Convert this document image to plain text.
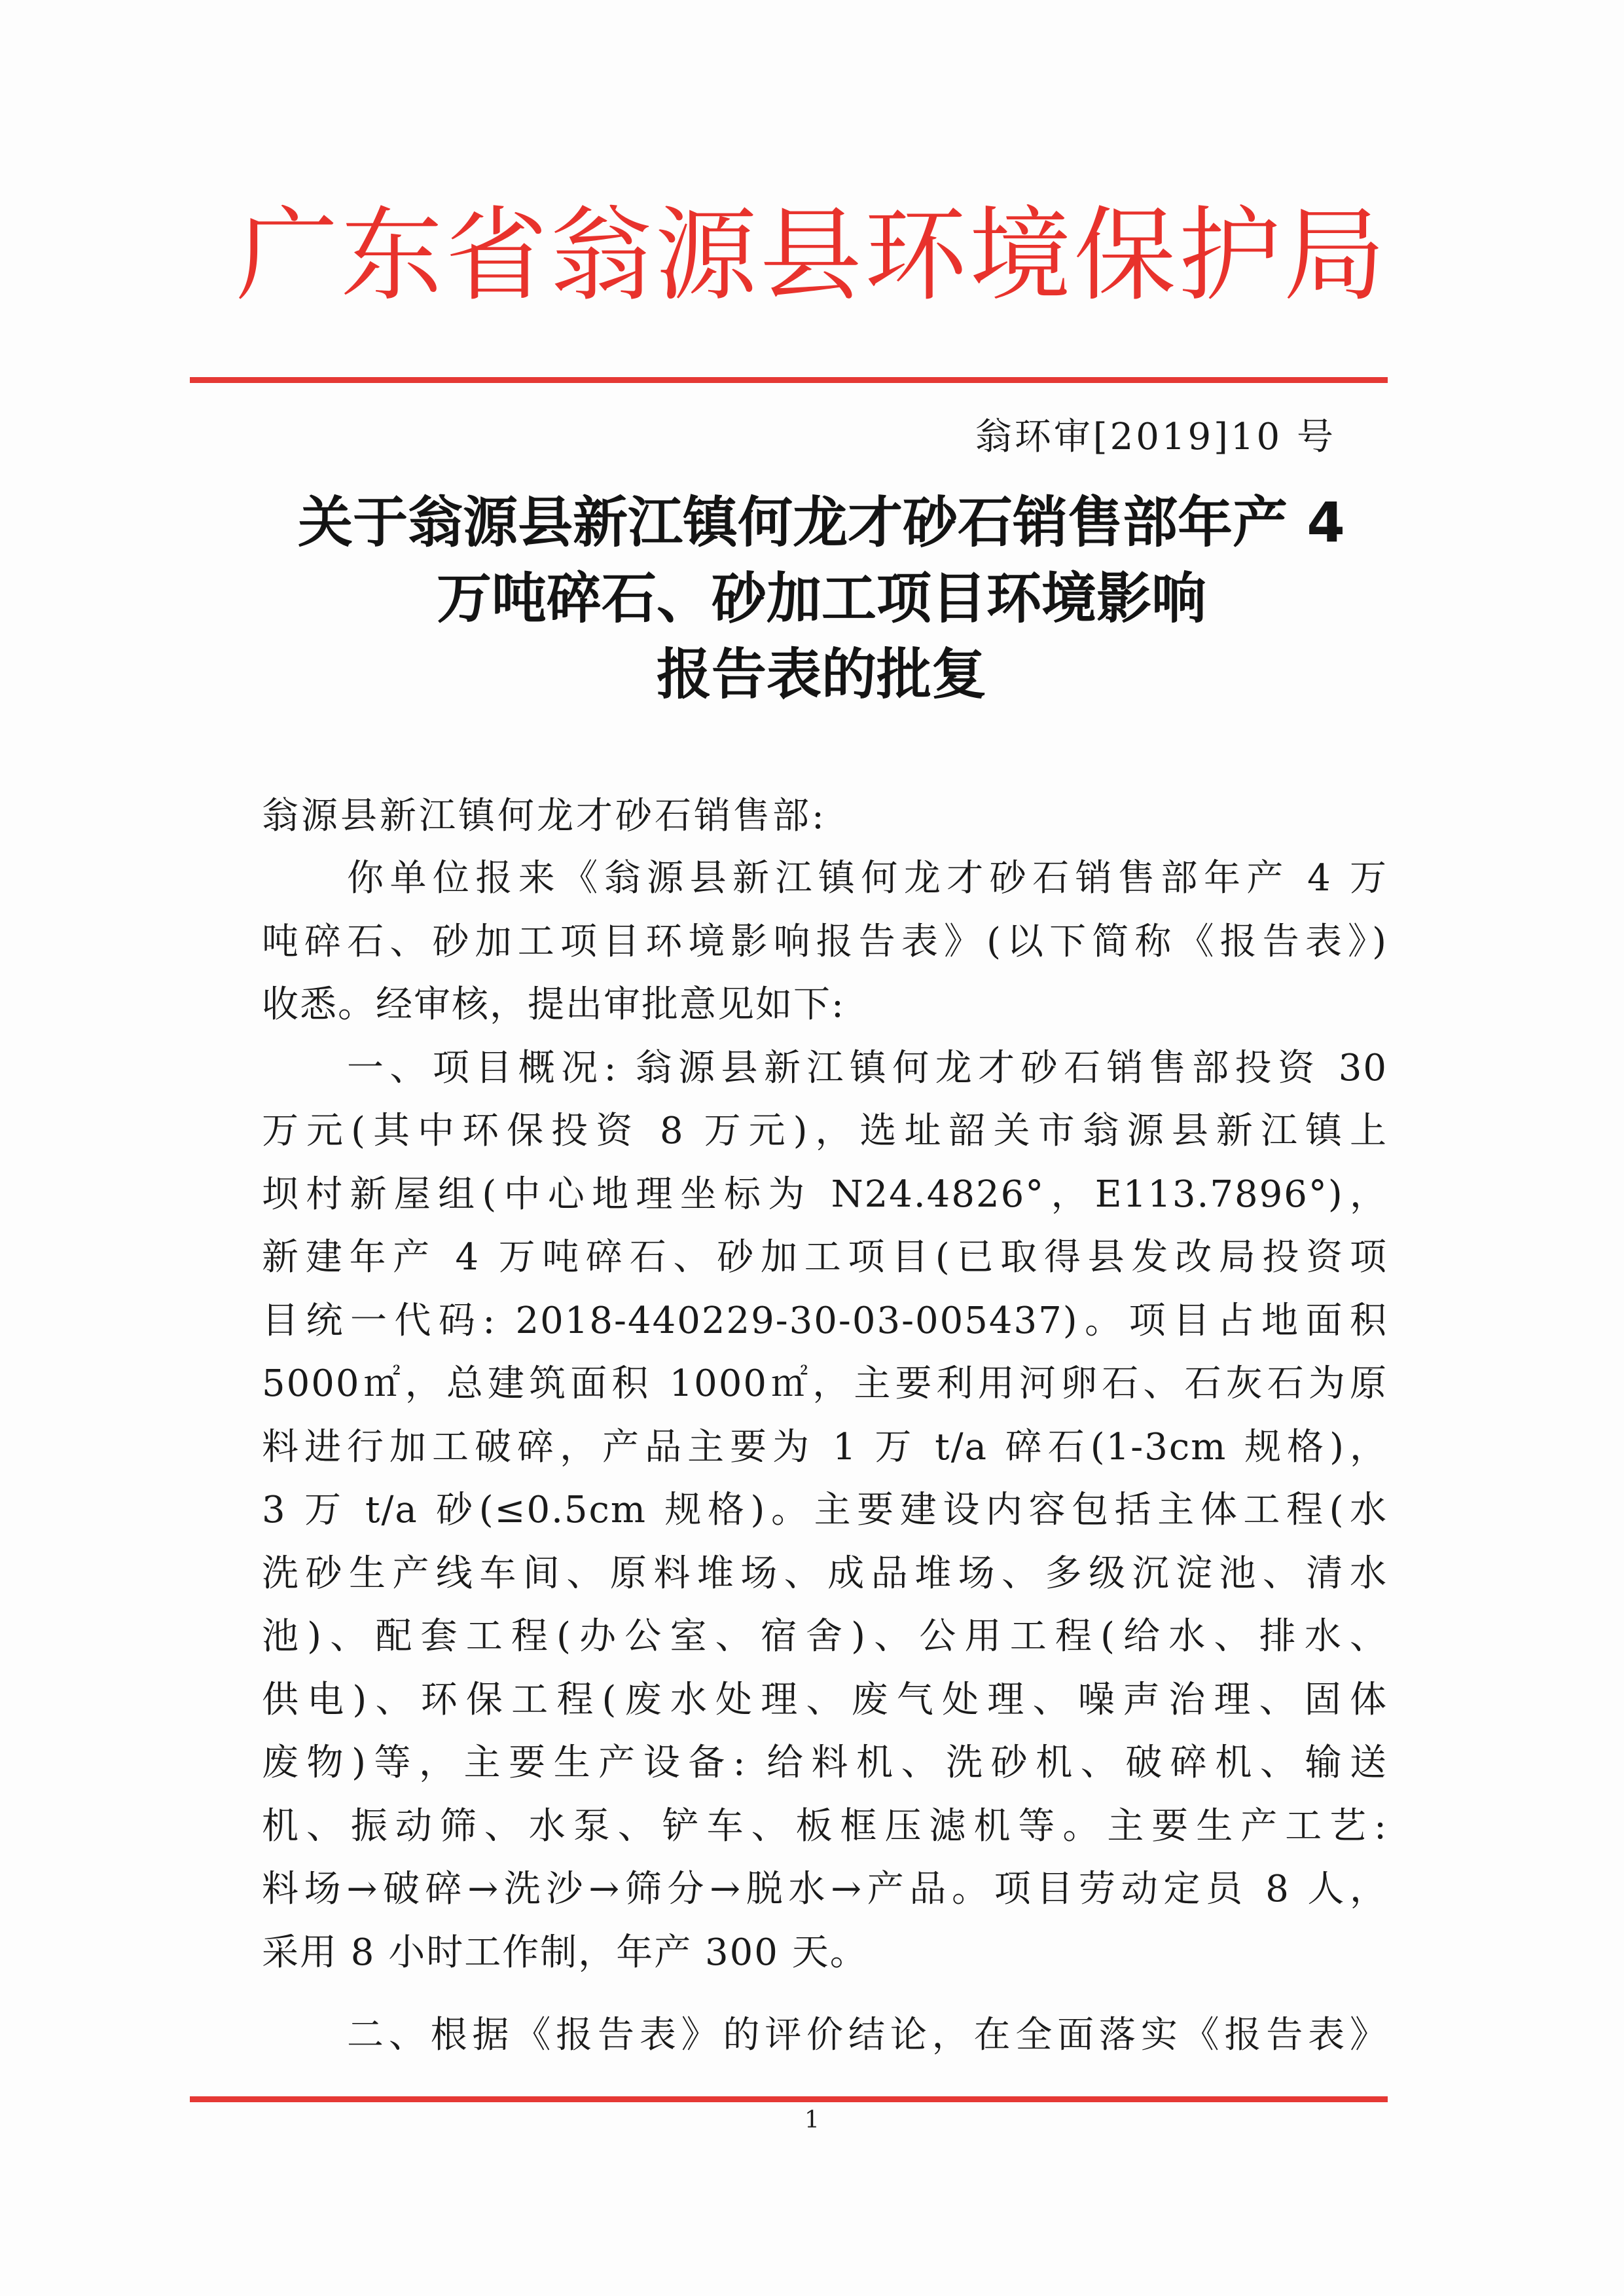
广东省翁源县环境保护局
翁环审[2019]10 号
关于翁源县新江镇何龙才砂石销售部年产 4
万吨碎石、砂加工项目环境影响
报告表的批复
翁源县新江镇何龙才砂石销售部:
你单位报来《翁源县新江镇何龙才砂石销售部年产 4 万
吨碎石、砂加工项目环境影响报告表》(以下简称《报告表》)
收悉。经审核，提出审批意见如下:
一、项目概况: 翁源县新江镇何龙才砂石销售部投资 30
万元(其中环保投资 8 万元)，选址韶关市翁源县新江镇上
坝村新屋组(中心地理坐标为 N24.4826°，E113.7896°)，
新建年产 4 万吨碎石、砂加工项目(已取得县发改局投资项
目统一代码: 2018-440229-30-03-005437)。项目占地面积
5000㎡，总建筑面积 1000㎡，主要利用河卵石、石灰石为原
料进行加工破碎，产品主要为 1 万 t/a 碎石(1-3cm 规格)，
3 万 t/a 砂(≤0.5cm 规格)。主要建设内容包括主体工程(水
洗砂生产线车间、原料堆场、成品堆场、多级沉淀池、清水
池)、配套工程(办公室、宿舍)、公用工程(给水、排水、
供电)、环保工程(废水处理、废气处理、噪声治理、固体
废物)等，主要生产设备: 给料机、洗砂机、破碎机、输送
机、振动筛、水泵、铲车、板框压滤机等。主要生产工艺:
料场→破碎→洗沙→筛分→脱水→产品。项目劳动定员 8 人，
采用 8 小时工作制，年产 300 天。
二、根据《报告表》的评价结论，在全面落实《报告表》
1
